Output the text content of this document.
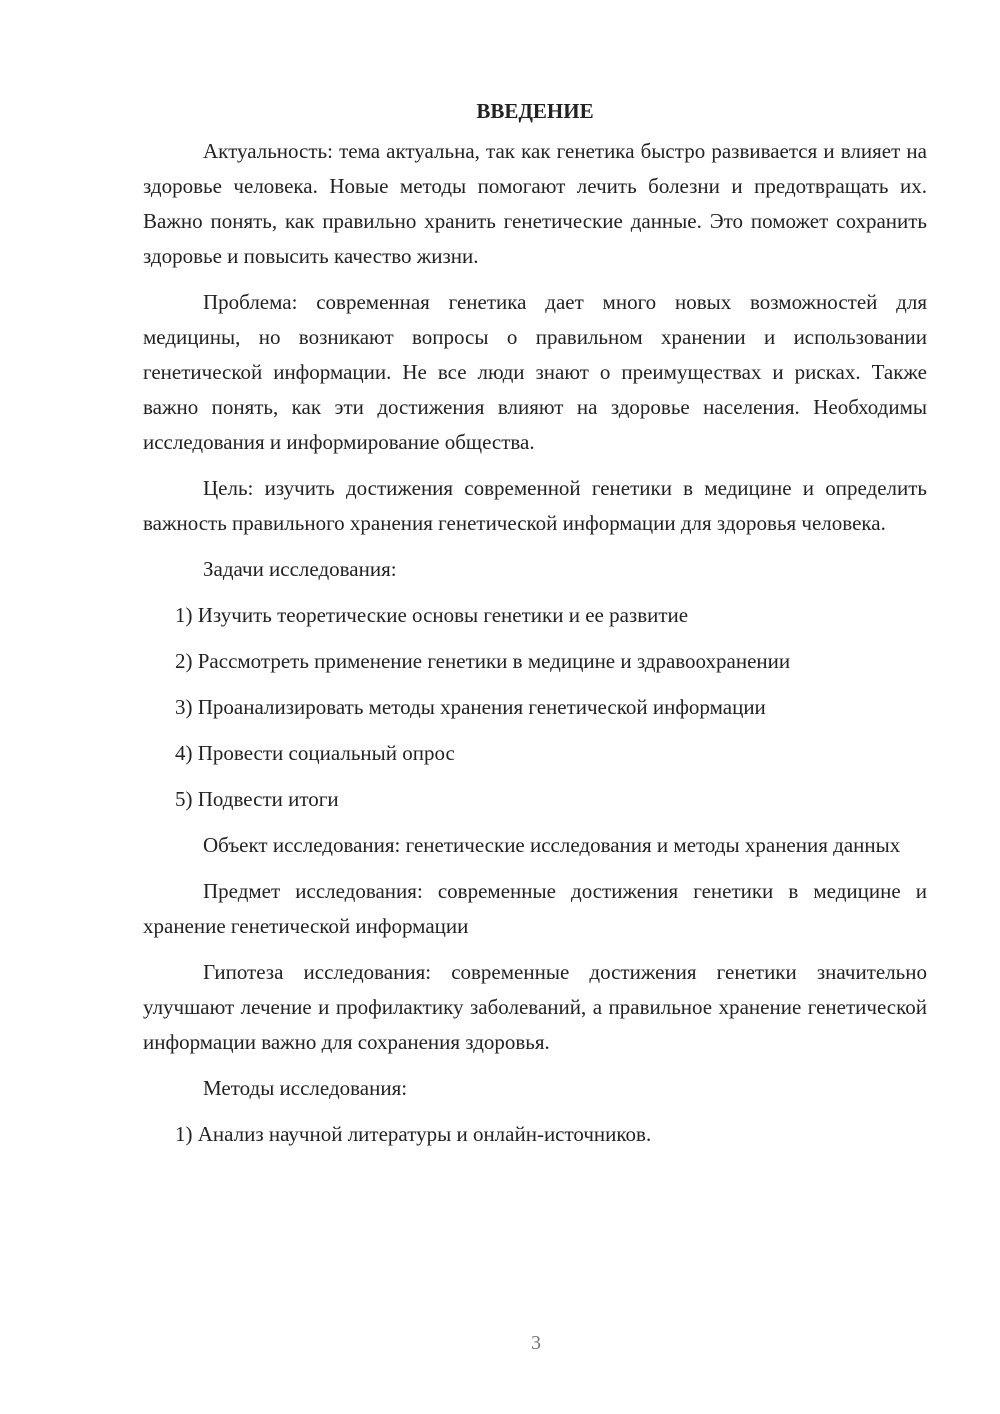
ВВЕДЕНИЕ

Актуальность: тема актуальна, так как генетика быстро развивается и влияет на здоровье человека. Новые методы помогают лечить болезни и предотвращать их. Важно понять, как правильно хранить генетические данные. Это поможет сохранить здоровье и повысить качество жизни.

Проблема: современная генетика дает много новых возможностей для медицины, но возникают вопросы о правильном хранении и использовании генетической информации. Не все люди знают о преимуществах и рисках. Также важно понять, как эти достижения влияют на здоровье населения. Необходимы исследования и информирование общества.

Цель: изучить достижения современной генетики в медицине и определить важность правильного хранения генетической информации для здоровья человека.

Задачи исследования:

1) Изучить теоретические основы генетики и ее развитие
2) Рассмотреть применение генетики в медицине и здравоохранении
3) Проанализировать методы хранения генетической информации
4) Провести социальный опрос
5) Подвести итоги

Объект исследования: генетические исследования и методы хранения данных

Предмет исследования: современные достижения генетики в медицине и хранение генетической информации

Гипотеза исследования: современные достижения генетики значительно улучшают лечение и профилактику заболеваний, а правильное хранение генетической информации важно для сохранения здоровья.

Методы исследования:

1) Анализ научной литературы и онлайн-источников.
3
